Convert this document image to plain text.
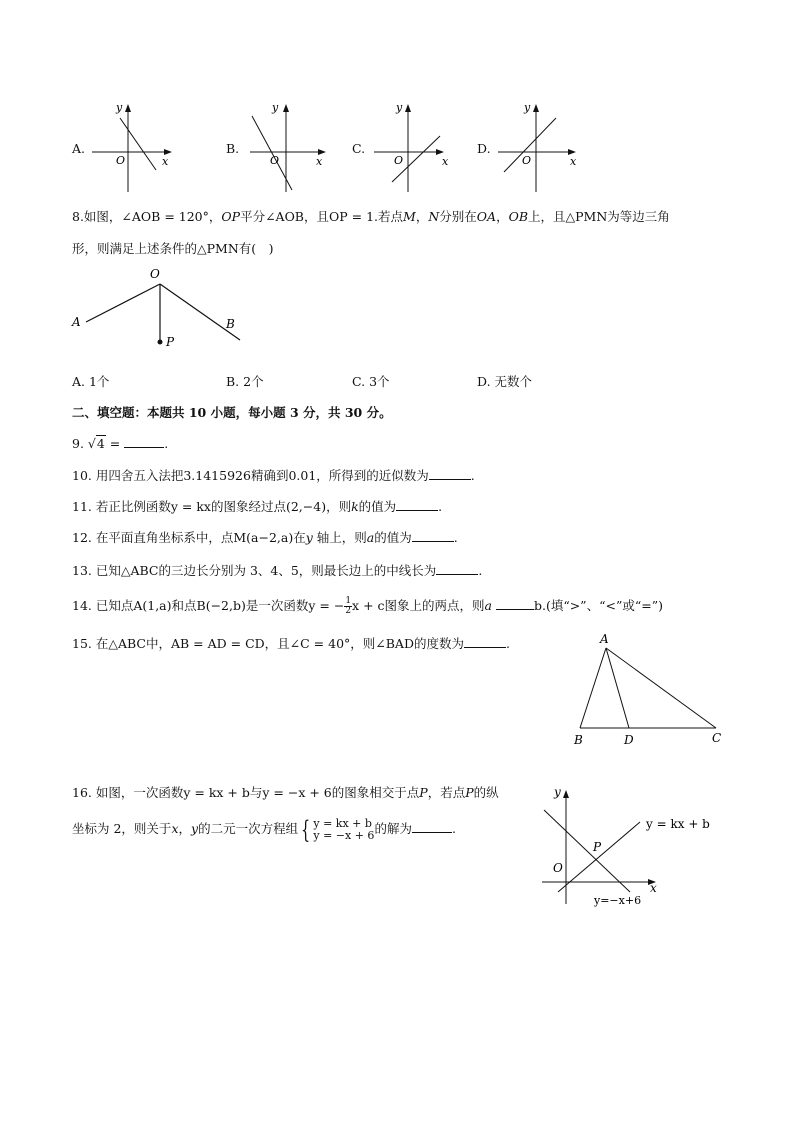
A.
O	x
y
B.
O	x
y
C.
O	x
y
D.
O	x
y
8.如图，∠AOB = 120°，OP平分∠AOB，且OP = 1.若点M，N分别在OA，OB上，且△PMN为等边三角
形，则满足上述条件的△PMN有(　)
O
A	B
P
A. 1个	B. 2个	C. 3个	D. 无数个
二、填空题：本题共 10 小题，每小题 3 分，共 30 分。
9. √4 =	.
10. 用四舍五入法把3.1415926精确到0.01，所得到的近似数为	.
11. 若正比例函数y = kx的图象经过点(2,−4)，则k的值为	.
12. 在平面直角坐标系中，点M(a−2,a)在y 轴上，则a的值为	.
13. 已知△ABC的三边长分别为 3、4、5，则最长边上的中线长为	.
14. 已知点A(1,a)和点B(−2,b)是一次函数y = − $\frac{1}{2}$ x + c图象上的两点，则a	b.(填“>”、“<”或“=”)
15. 在△ABC中，AB = AD = CD，且∠C = 40°，则∠BAD的度数为	.	A
B	D	C
16. 如图，一次函数y = kx + b与y = −x + 6的图象相交于点P，若点P的纵
坐标为 2，则关于x，y的二元一次方程组 { y = kx + b
y = −x + 6 的解为	.
y
x
O
P
y = kx + b
y=−x+6
